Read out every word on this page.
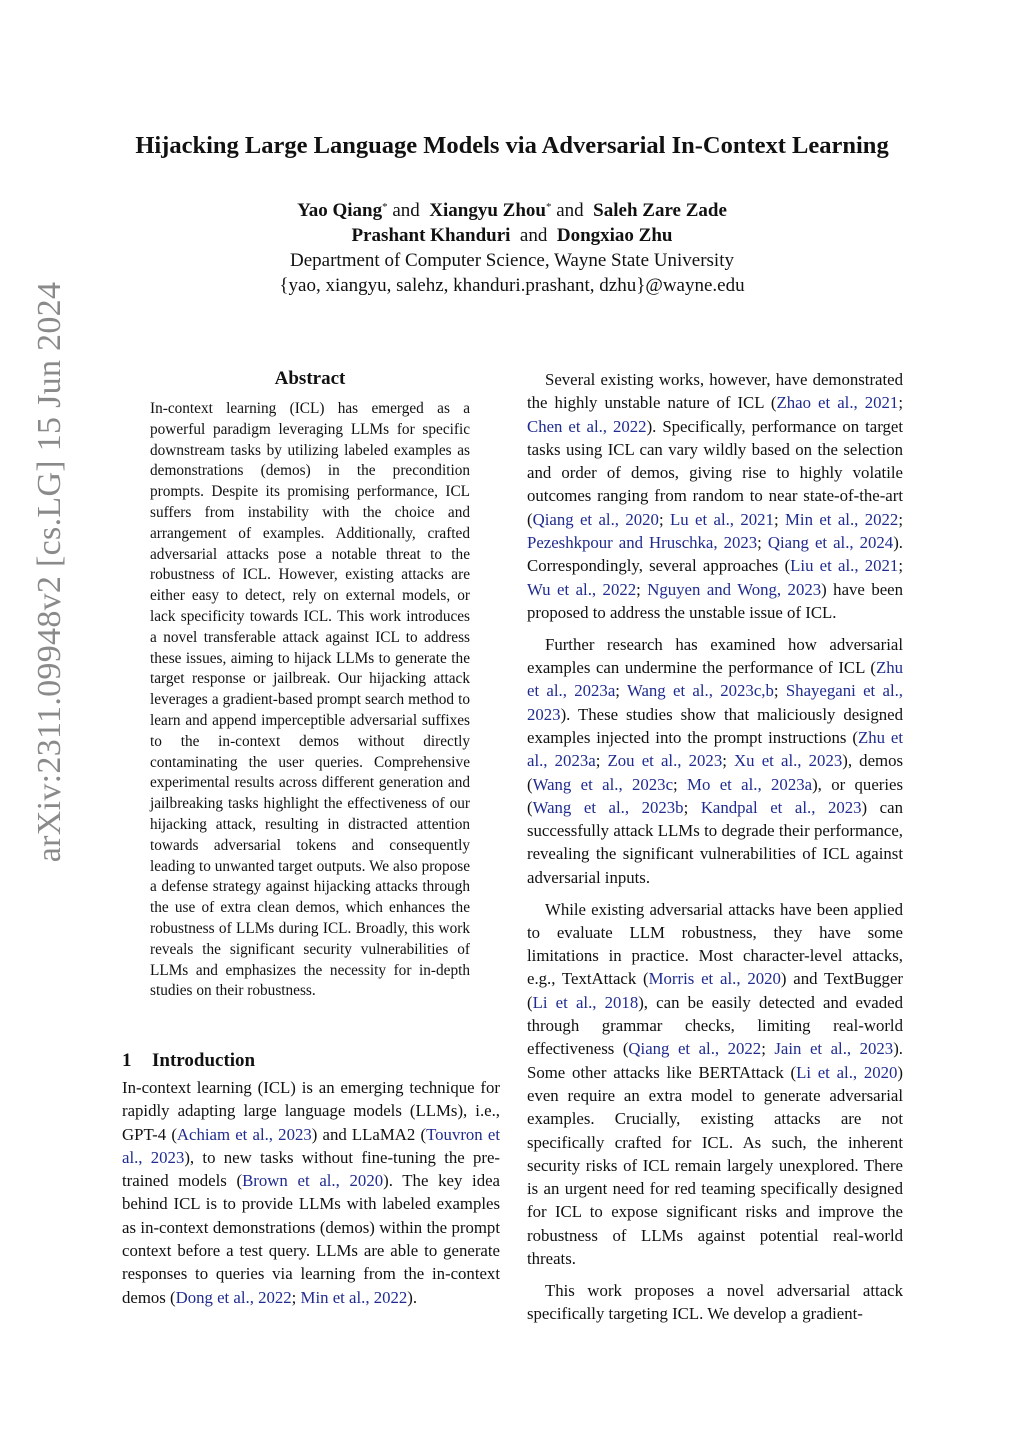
arXiv:2311.09948v2 [cs.LG] 15 Jun 2024
Hijacking Large Language Models via Adversarial In-Context Learning
Yao Qiang* and Xiangyu Zhou* and Saleh Zare Zade
Prashant Khanduri and Dongxiao Zhu
Department of Computer Science, Wayne State University
{yao, xiangyu, salehz, khanduri.prashant, dzhu}@wayne.edu
Abstract
In-context learning (ICL) has emerged as a powerful paradigm leveraging LLMs for specific downstream tasks by utilizing labeled examples as demonstrations (demos) in the precondition prompts. Despite its promising performance, ICL suffers from instability with the choice and arrangement of examples. Additionally, crafted adversarial attacks pose a notable threat to the robustness of ICL. However, existing attacks are either easy to detect, rely on external models, or lack specificity towards ICL. This work introduces a novel transferable attack against ICL to address these issues, aiming to hijack LLMs to generate the target response or jailbreak. Our hijacking attack leverages a gradient-based prompt search method to learn and append imperceptible adversarial suffixes to the in-context demos without directly contaminating the user queries. Comprehensive experimental results across different generation and jailbreaking tasks highlight the effectiveness of our hijacking attack, resulting in distracted attention towards adversarial tokens and consequently leading to unwanted target outputs. We also propose a defense strategy against hijacking attacks through the use of extra clean demos, which enhances the robustness of LLMs during ICL. Broadly, this work reveals the significant security vulnerabilities of LLMs and emphasizes the necessity for in-depth studies on their robustness.
1 Introduction

In-context learning (ICL) is an emerging technique for rapidly adapting large language models (LLMs), i.e., GPT-4 (Achiam et al., 2023) and LLaMA2 (Touvron et al., 2023), to new tasks without fine-tuning the pre-trained models (Brown et al., 2020). The key idea behind ICL is to provide LLMs with labeled examples as in-context demonstrations (demos) within the prompt context before a test query. LLMs are able to generate responses to queries via learning from the in-context demos (Dong et al., 2022; Min et al., 2022).

Several existing works, however, have demonstrated the highly unstable nature of ICL (Zhao et al., 2021; Chen et al., 2022). Specifically, performance on target tasks using ICL can vary wildly based on the selection and order of demos, giving rise to highly volatile outcomes ranging from random to near state-of-the-art (Qiang et al., 2020; Lu et al., 2021; Min et al., 2022; Pezeshkpour and Hruschka, 2023; Qiang et al., 2024). Correspondingly, several approaches (Liu et al., 2021; Wu et al., 2022; Nguyen and Wong, 2023) have been proposed to address the unstable issue of ICL.

Further research has examined how adversarial examples can undermine the performance of ICL (Zhu et al., 2023a; Wang et al., 2023c,b; Shayegani et al., 2023). These studies show that maliciously designed examples injected into the prompt instructions (Zhu et al., 2023a; Zou et al., 2023; Xu et al., 2023), demos (Wang et al., 2023c; Mo et al., 2023a), or queries (Wang et al., 2023b; Kandpal et al., 2023) can successfully attack LLMs to degrade their performance, revealing the significant vulnerabilities of ICL against adversarial inputs.

While existing adversarial attacks have been applied to evaluate LLM robustness, they have some limitations in practice. Most character-level attacks, e.g., TextAttack (Morris et al., 2020) and TextBugger (Li et al., 2018), can be easily detected and evaded through grammar checks, limiting real-world effectiveness (Qiang et al., 2022; Jain et al., 2023). Some other attacks like BERTAttack (Li et al., 2020) even require an extra model to generate adversarial examples. Crucially, existing attacks are not specifically crafted for ICL. As such, the inherent security risks of ICL remain largely unexplored. There is an urgent need for red teaming specifically designed for ICL to expose significant risks and improve the robustness of LLMs against potential real-world threats.

This work proposes a novel adversarial attack specifically targeting ICL. We develop a gradient-
